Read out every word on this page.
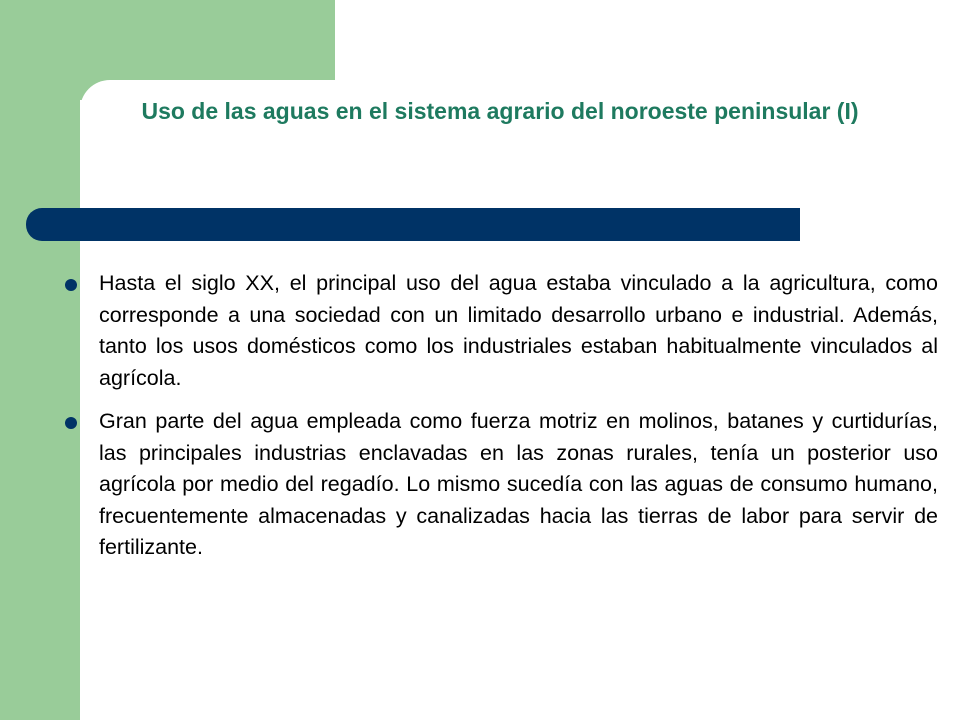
Uso de las aguas en el sistema agrario del noroeste peninsular (I)
Hasta el siglo XX, el principal uso del agua estaba vinculado a la agricultura, como corresponde a una sociedad con un limitado desarrollo urbano e industrial. Además, tanto los usos domésticos como los industriales estaban habitualmente vinculados al agrícola.
Gran parte del agua empleada como fuerza motriz en molinos, batanes y curtidurías, las principales industrias enclavadas en las zonas rurales, tenía un posterior uso agrícola por medio del regadío. Lo mismo sucedía con las aguas de consumo humano, frecuentemente almacenadas y canalizadas hacia las tierras de labor para servir de fertilizante.
